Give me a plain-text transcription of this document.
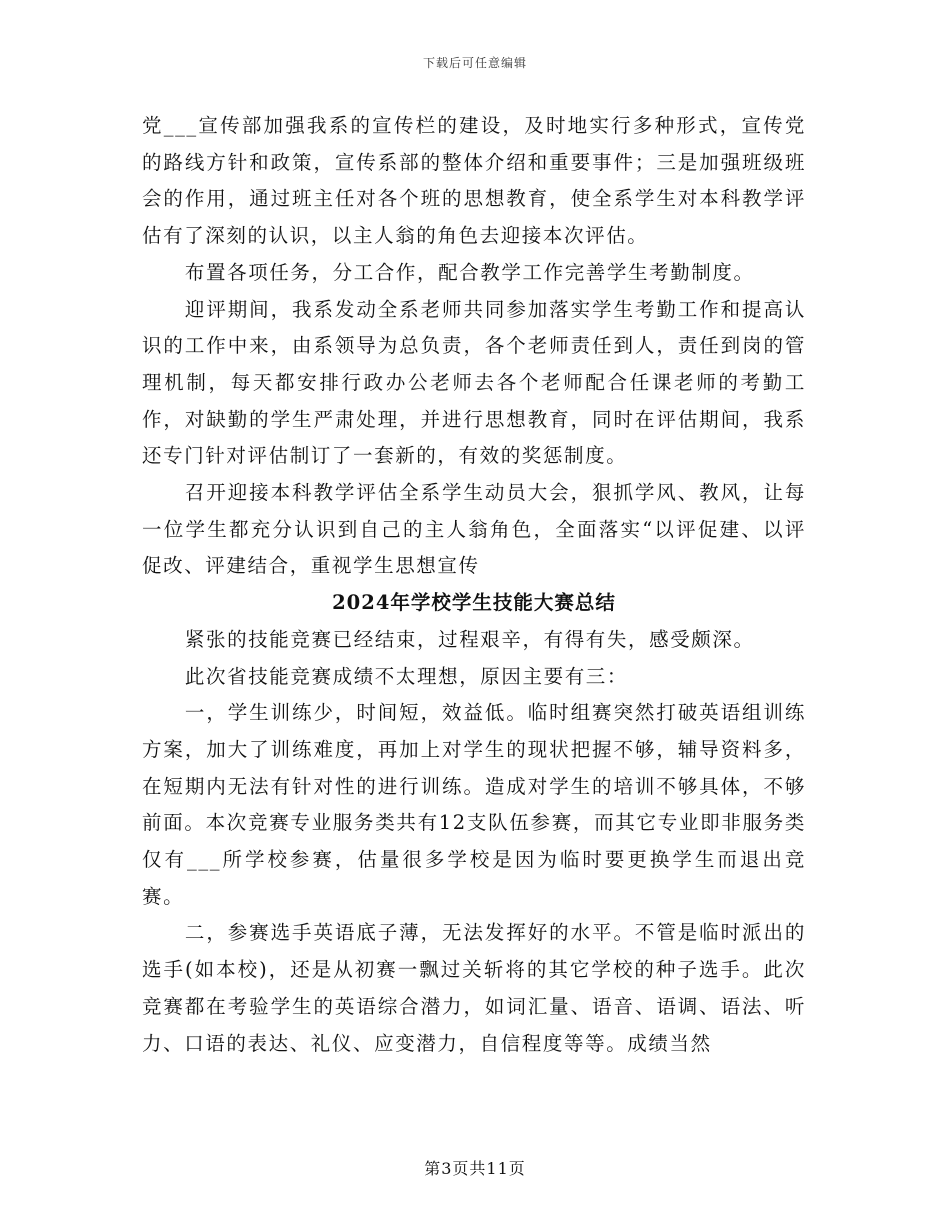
下载后可任意编辑

党___宣传部加强我系的宣传栏的建设，及时地实行多种形式，宣传党的路线方针和政策，宣传系部的整体介绍和重要事件；三是加强班级班会的作用，通过班主任对各个班的思想教育，使全系学生对本科教学评估有了深刻的认识，以主人翁的角色去迎接本次评估。

布置各项任务，分工合作，配合教学工作完善学生考勤制度。

迎评期间，我系发动全系老师共同参加落实学生考勤工作和提高认识的工作中来，由系领导为总负责，各个老师责任到人，责任到岗的管理机制，每天都安排行政办公老师去各个老师配合任课老师的考勤工作，对缺勤的学生严肃处理，并进行思想教育，同时在评估期间，我系还专门针对评估制订了一套新的，有效的奖惩制度。

召开迎接本科教学评估全系学生动员大会，狠抓学风、教风，让每一位学生都充分认识到自己的主人翁角色，全面落实“以评促建、以评促改、评建结合，重视学生思想宣传

2024年学校学生技能大赛总结

紧张的技能竞赛已经结束，过程艰辛，有得有失，感受颇深。

此次省技能竞赛成绩不太理想，原因主要有三：

一，学生训练少，时间短，效益低。临时组赛突然打破英语组训练方案，加大了训练难度，再加上对学生的现状把握不够，辅导资料多，在短期内无法有针对性的进行训练。造成对学生的培训不够具体，不够前面。本次竞赛专业服务类共有12支队伍参赛，而其它专业即非服务类仅有___所学校参赛，估量很多学校是因为临时要更换学生而退出竞赛。

二，参赛选手英语底子薄，无法发挥好的水平。不管是临时派出的选手(如本校)，还是从初赛一飘过关斩将的其它学校的种子选手。此次竞赛都在考验学生的英语综合潜力，如词汇量、语音、语调、语法、听力、口语的表达、礼仪、应变潜力，自信程度等等。成绩当然

第3页共11页
